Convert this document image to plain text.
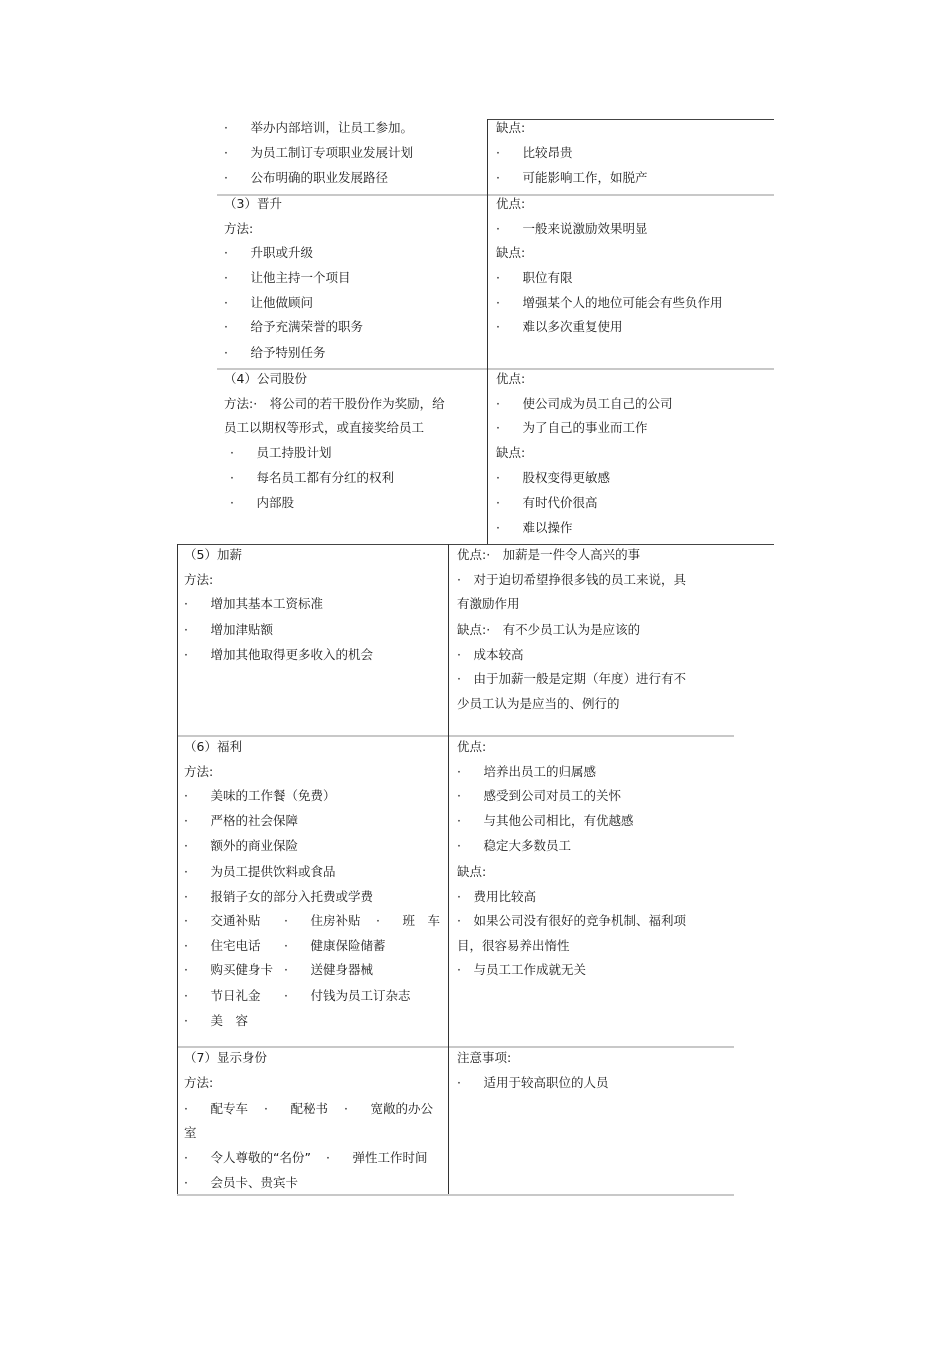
·　 举办内部培训，让员工参加。
·　 为员工制订专项职业发展计划
·　 公布明确的职业发展路径
缺点:
·　 比较昂贵
·　 可能影响工作，如脱产
（3）晋升
方法:
·　 升职或升级
·　 让他主持一个项目
·　 让他做顾问
·　 给予充满荣誉的职务
·　 给予特别任务
优点:
·　 一般来说激励效果明显
缺点:
·　 职位有限
·　 增强某个人的地位可能会有些负作用
·　 难以多次重复使用
（4）公司股份
方法:·　将公司的若干股份作为奖励，给
员工以期权等形式，或直接奖给员工
·　 员工持股计划
·　 每名员工都有分红的权利
·　 内部股
优点:
·　 使公司成为员工自己的公司
·　 为了自己的事业而工作
缺点:
·　 股权变得更敏感
·　 有时代价很高
·　 难以操作
（5）加薪
方法:
·　 增加其基本工资标准
·　 增加津贴额
·　 增加其他取得更多收入的机会
优点:·　加薪是一件令人高兴的事
·　对于迫切希望挣很多钱的员工来说，具
有激励作用
缺点:·　有不少员工认为是应该的
·　成本较高
·　由于加薪一般是定期（年度）进行有不
少员工认为是应当的、例行的
（6）福利
方法:
·　 美味的工作餐（免费）
·　 严格的社会保障
·　 额外的商业保险
·　 为员工提供饮料或食品
·　 报销子女的部分入托费或学费
·　 交通补贴 ·　 住房补贴 ·　 班　车
·　 住宅电话 ·　 健康保险储蓄
·　 购买健身卡 ·　 送健身器械
·　 节日礼金 ·　 付钱为员工订杂志
·　 美　容
优点:
·　 培养出员工的归属感
·　 感受到公司对员工的关怀
·　 与其他公司相比，有优越感
·　 稳定大多数员工
缺点:
·　费用比较高
·　如果公司没有很好的竞争机制、福利项
目，很容易养出惰性
·　与员工工作成就无关
（7）显示身份
方法:
·　 配专车 ·　 配秘书 ·　 宽敞的办公
室
·　 令人尊敬的“名份” ·　 弹性工作时间
·　 会员卡、贵宾卡
注意事项:
·　 适用于较高职位的人员
